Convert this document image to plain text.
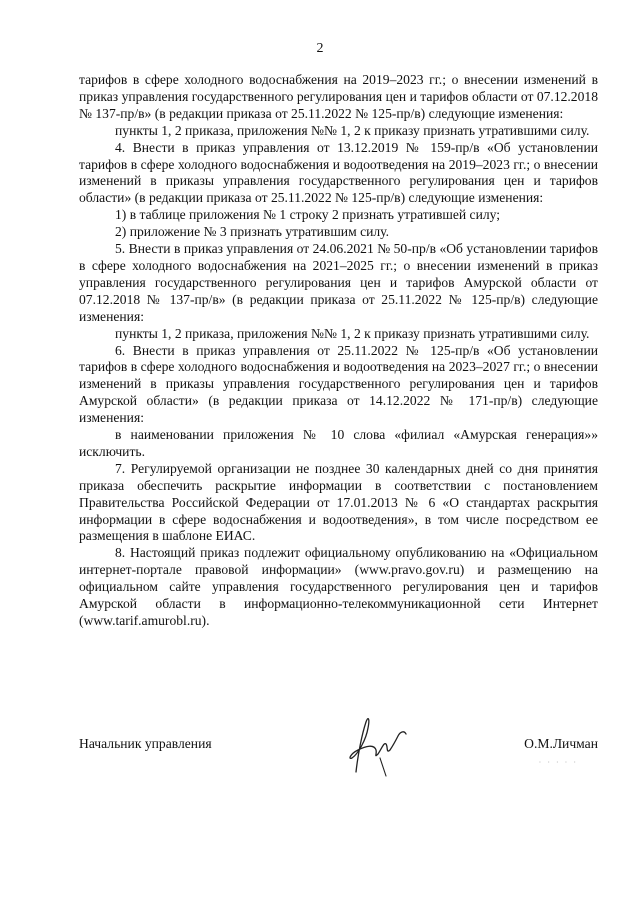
2

тарифов в сфере холодного водоснабжения на 2019–2023 гг.; о внесении изменений в приказ управления государственного регулирования цен и тарифов области от 07.12.2018 № 137-пр/в» (в редакции приказа от 25.11.2022 № 125-пр/в) следующие изменения:

пункты 1, 2 приказа, приложения №№ 1, 2 к приказу признать утратившими силу.

4. Внести в приказ управления от 13.12.2019 № 159-пр/в «Об установлении тарифов в сфере холодного водоснабжения и водоотведения на 2019–2023 гг.; о внесении изменений в приказы управления государственного регулирования цен и тарифов области» (в редакции приказа от 25.11.2022 № 125-пр/в) следующие изменения:

1) в таблице приложения № 1 строку 2 признать утратившей силу;

2) приложение № 3 признать утратившим силу.

5. Внести в приказ управления от 24.06.2021 № 50-пр/в «Об установлении тарифов в сфере холодного водоснабжения на 2021–2025 гг.; о внесении изменений в приказ управления государственного регулирования цен и тарифов Амурской области от 07.12.2018 № 137-пр/в» (в редакции приказа от 25.11.2022 № 125-пр/в) следующие изменения:

пункты 1, 2 приказа, приложения №№ 1, 2 к приказу признать утратившими силу.

6. Внести в приказ управления от 25.11.2022 № 125-пр/в «Об установлении тарифов в сфере холодного водоснабжения и водоотведения на 2023–2027 гг.; о внесении изменений в приказы управления государственного регулирования цен и тарифов Амурской области» (в редакции приказа от 14.12.2022 № 171-пр/в) следующие изменения:

в наименовании приложения № 10 слова «филиал «Амурская генерация»» исключить.

7. Регулируемой организации не позднее 30 календарных дней со дня принятия приказа обеспечить раскрытие информации в соответствии с постановлением Правительства Российской Федерации от 17.01.2013 № 6 «О стандартах раскрытия информации в сфере водоснабжения и водоотведения», в том числе посредством ее размещения в шаблоне ЕИАС.

8. Настоящий приказ подлежит официальному опубликованию на «Официальном интернет-портале правовой информации» (www.pravo.gov.ru) и размещению на официальном сайте управления государственного регулирования цен и тарифов Амурской области в информационно-телекоммуникационной сети Интернет (www.tarif.amurobl.ru).

Начальник управления	О.М.Личман
· · · · ·
